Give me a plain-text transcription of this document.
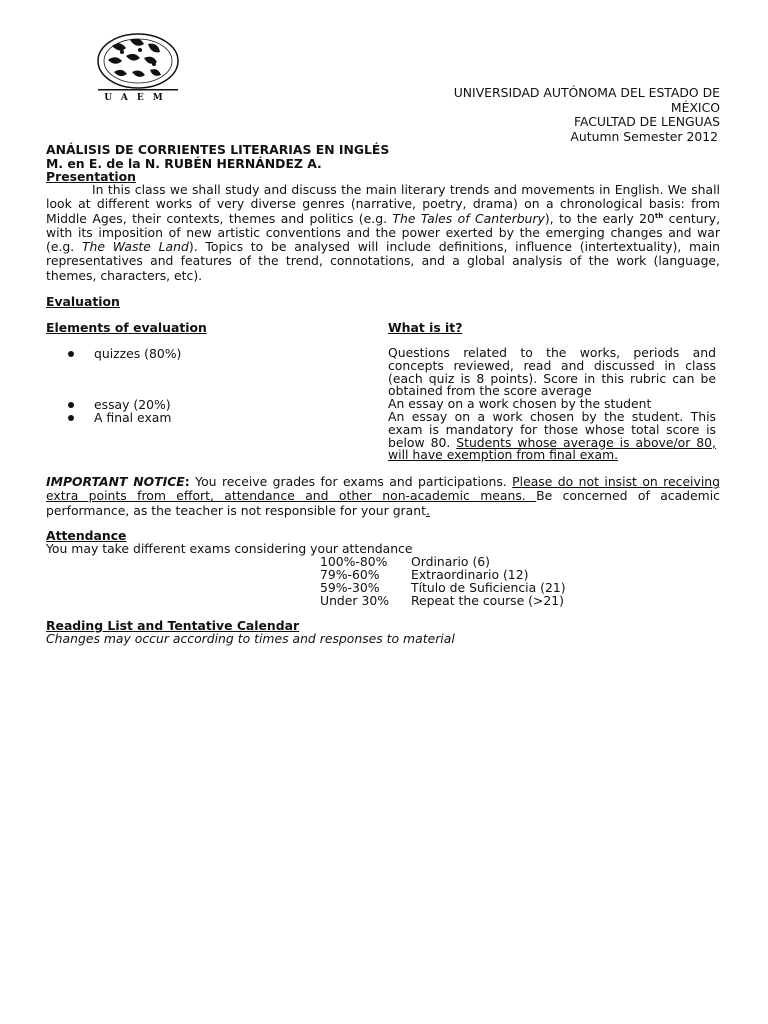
UAEM	UNIVERSIDAD AUTÓNOMA DEL ESTADO DE
MÉXICO
FACULTAD DE LENGUAS
Autumn Semester 2012
ANÁLISIS DE CORRIENTES LITERARIAS EN INGLÉS
M. en E. de la N. RUBÉN HERNÁNDEZ A.
Presentation

In this class we shall study and discuss the main literary trends and movements in English. We shall look at different works of very diverse genres (narrative, poetry, drama) on a chronological basis: from Middle Ages, their contexts, themes and politics (e.g. The Tales of Canterbury), to the early 20th century, with its imposition of new artistic conventions and the power exerted by the emerging changes and war (e.g. The Waste Land). Topics to be analysed will include definitions, influence (intertextuality), main representatives and features of the trend, connotations, and a global analysis of the work (language, themes, characters, etc).

Evaluation
Elements of evaluation	What is it?
quizzes (80%)	Questions related to the works, periods and concepts reviewed, read and discussed in class (each quiz is 8 points). Score in this rubric can be obtained from the score average
essay (20%)	An essay on a work chosen by the student
A final exam	An essay on a work chosen by the student. This exam is mandatory for those whose total score is below 80. Students whose average is above/or 80, will have exemption from final exam.

IMPORTANT NOTICE: You receive grades for exams and participations. Please do not insist on receiving extra points from effort, attendance and other non-academic means. Be concerned of academic performance, as the teacher is not responsible for your grant.

Attendance
You may take different exams considering your attendance
100%-80% Ordinario (6)
79%-60%	Extraordinario (12)
59%-30%	Título de Suficiencia (21)
Under 30% Repeat the course (>21)
Reading List and Tentative Calendar
Changes may occur according to times and responses to material
